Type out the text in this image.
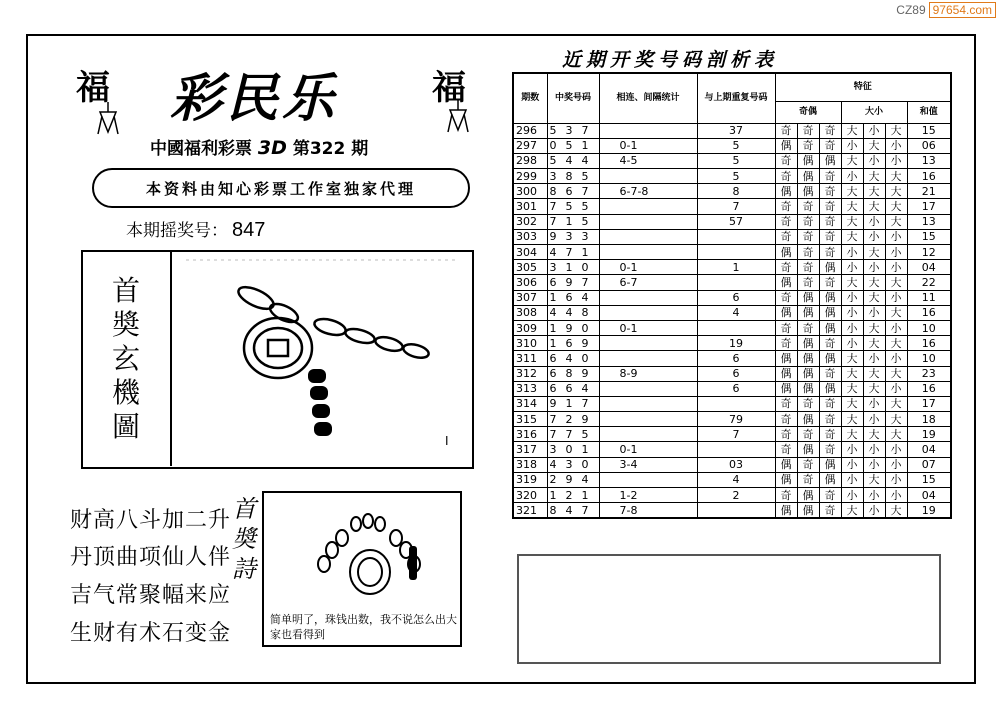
CZ89 97654.com
福	福
彩民乐
中國福利彩票 3D 第322 期
本资料由知心彩票工作室独家代理
本期摇奖号： 847
首
奬
玄
機
圖	I
财高八斗加二升
丹顶曲项仙人伴
吉气常聚幅来应
生财有术石变金
首奬詩
简单明了，珠钱出数，我不说怎么出大家也看得到
近期开奖号码剖析表
期数	中奖号码	相连、间隔统计	与上期重复号码	特征						
				奇偶			大小			和值
296	5 3 7		37	奇	奇	奇	大	小	大	15
297	0 5 1	0-1	5	偶	奇	奇	小	大	小	06
298	5 4 4	4-5	5	奇	偶	偶	大	小	小	13
299	3 8 5		5	奇	偶	奇	小	大	大	16
300	8 6 7	6-7-8	8	偶	偶	奇	大	大	大	21
301	7 5 5		7	奇	奇	奇	大	大	大	17
302	7 1 5		57	奇	奇	奇	大	小	大	13
303	9 3 3			奇	奇	奇	大	小	小	15
304	4 7 1			偶	奇	奇	小	大	小	12
305	3 1 0	0-1	1	奇	奇	偶	小	小	小	04
306	6 9 7	6-7		偶	奇	奇	大	大	大	22
307	1 6 4		6	奇	偶	偶	小	大	小	11
308	4 4 8		4	偶	偶	偶	小	小	大	16
309	1 9 0	0-1		奇	奇	偶	小	大	小	10
310	1 6 9		19	奇	偶	奇	小	大	大	16
311	6 4 0		6	偶	偶	偶	大	小	小	10
312	6 8 9	8-9	6	偶	偶	奇	大	大	大	23
313	6 6 4		6	偶	偶	偶	大	大	小	16
314	9 1 7			奇	奇	奇	大	小	大	17
315	7 2 9		79	奇	偶	奇	大	小	大	18
316	7 7 5		7	奇	奇	奇	大	大	大	19
317	3 0 1	0-1		奇	偶	奇	小	小	小	04
318	4 3 0	3-4	03	偶	奇	偶	小	小	小	07
319	2 9 4		4	偶	奇	偶	小	大	小	15
320	1 2 1	1-2	2	奇	偶	奇	小	小	小	04
321	8 4 7	7-8		偶	偶	奇	大	小	大	19
